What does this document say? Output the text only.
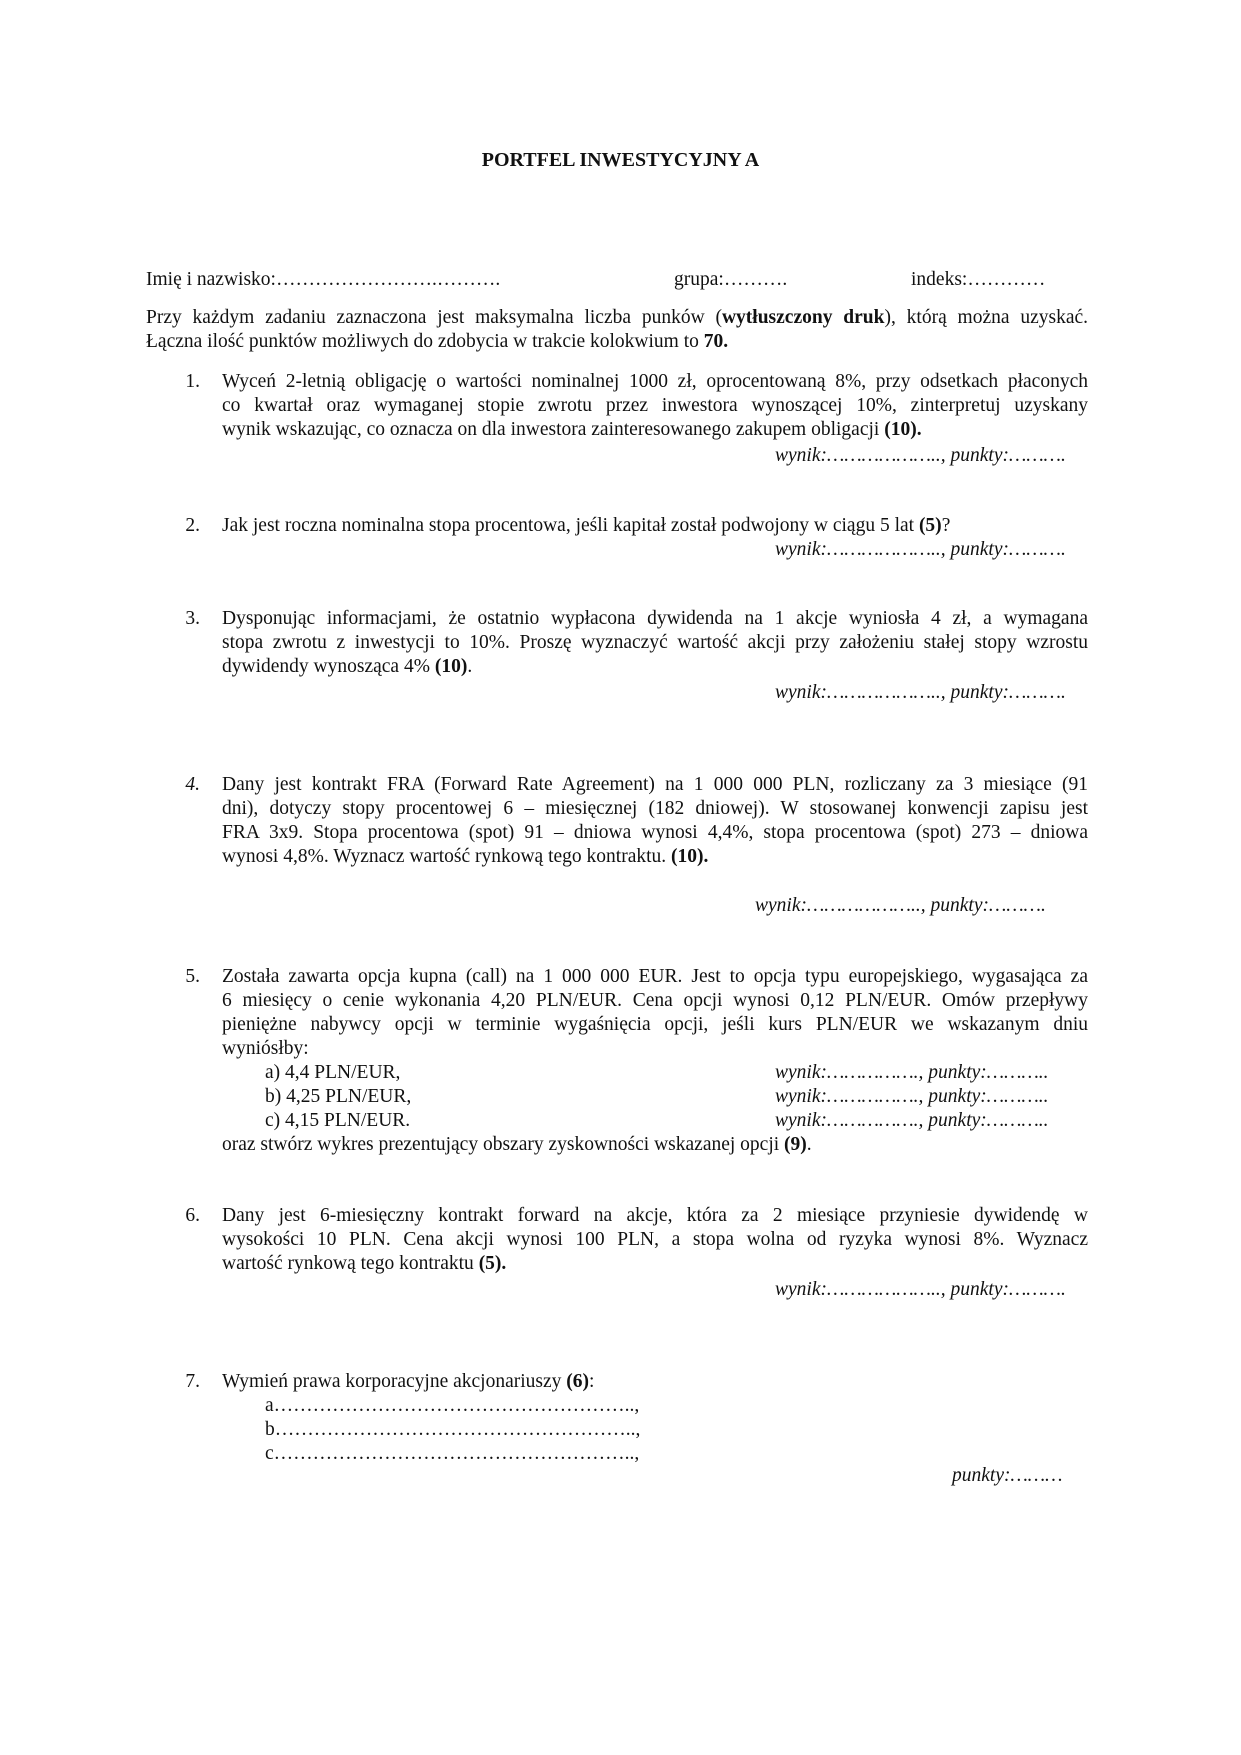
PORTFEL INWESTYCYJNY A
Imię i nazwisko:…………………….……….	grupa:……….	indeks:…………
Przy każdym zadaniu zaznaczona jest maksymalna liczba punków (wytłuszczony druk), którą można uzyskać.
Łączna ilość punktów możliwych do zdobycia w trakcie kolokwium to 70.
1. Wyceń 2-letnią obligację o wartości nominalnej 1000 zł, oprocentowaną 8%, przy odsetkach płaconych
co kwartał oraz wymaganej stopie zwrotu przez inwestora wynoszącej 10%, zinterpretuj uzyskany
wynik wskazując, co oznacza on dla inwestora zainteresowanego zakupem obligacji (10).
wynik:……………….., punkty:……….
2. Jak jest roczna nominalna stopa procentowa, jeśli kapitał został podwojony w ciągu 5 lat (5)?
wynik:……………….., punkty:……….
3. Dysponując informacjami, że ostatnio wypłacona dywidenda na 1 akcje wyniosła 4 zł, a wymagana
stopa zwrotu z inwestycji to 10%. Proszę wyznaczyć wartość akcji przy założeniu stałej stopy wzrostu
dywidendy wynosząca 4% (10).
wynik:……………….., punkty:……….
4. Dany jest kontrakt FRA (Forward Rate Agreement) na 1 000 000 PLN, rozliczany za 3 miesiące (91
dni), dotyczy stopy procentowej 6 – miesięcznej (182 dniowej). W stosowanej konwencji zapisu jest
FRA 3x9. Stopa procentowa (spot) 91 – dniowa wynosi 4,4%, stopa procentowa (spot) 273 – dniowa
wynosi 4,8%. Wyznacz wartość rynkową tego kontraktu. (10).
wynik:……………….., punkty:……….
5. Została zawarta opcja kupna (call) na 1 000 000 EUR. Jest to opcja typu europejskiego, wygasająca za
6 miesięcy o cenie wykonania 4,20 PLN/EUR. Cena opcji wynosi 0,12 PLN/EUR. Omów przepływy
pieniężne nabywcy opcji w terminie wygaśnięcia opcji, jeśli kurs PLN/EUR we wskazanym dniu
wyniósłby:
a) 4,4 PLN/EUR,	wynik:……………., punkty:………..
b) 4,25 PLN/EUR,	wynik:……………., punkty:………..
c) 4,15 PLN/EUR.	wynik:……………., punkty:………..
oraz stwórz wykres prezentujący obszary zyskowności wskazanej opcji (9).
6. Dany jest 6-miesięczny kontrakt forward na akcje, która za 2 miesiące przyniesie dywidendę w
wysokości 10 PLN. Cena akcji wynosi 100 PLN, a stopa wolna od ryzyka wynosi 8%. Wyznacz
wartość rynkową tego kontraktu (5).
wynik:……………….., punkty:……….
7. Wymień prawa korporacyjne akcjonariuszy (6):
a………………………………………………..,
b………………………………………………..,
c………………………………………………..,
punkty:………
